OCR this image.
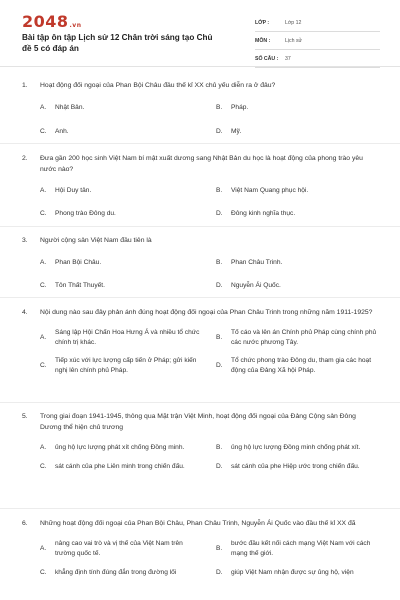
2048.vn
Bài tập ôn tập Lịch sử 12 Chân trời sáng tạo Chủ đề 5 có đáp án
LỚP :	Lớp 12
MÔN :	Lịch sử
SỐ CÂU :	37
1.	Hoạt động đối ngoại của Phan Bội Châu đầu thế kỉ XX chủ yếu diễn ra ở đâu?
A.	Nhật Bản.	B.	Pháp.
C.	Anh.	D.	Mỹ.
2.	Đưa gần 200 học sinh Việt Nam bí mật xuất dương sang Nhật Bản du học là hoạt động của phong trào yêu nước nào?
A.	Hội Duy tân.	B.	Việt Nam Quang phục hội.
C.	Phong trào Đông du.	D.	Đông kinh nghĩa thục.
3.	Người cộng sản Việt Nam đầu tiên là
A.	Phan Bội Châu.	B.	Phan Châu Trinh.
C.	Tôn Thất Thuyết.	D.	Nguyễn Ái Quốc.
4.	Nội dung nào sau đây phản ánh đúng hoạt động đối ngoại của Phan Châu Trinh trong những năm 1911-1925?
A.
Sáng lập Hội Chấn Hoa Hưng Á và nhiều tổ chức chính trị khác.
B.
Tố cáo và lên án Chính phủ Pháp cùng chính phủ các nước phương Tây.
C.
Tiếp xúc với lực lượng cấp tiến ở Pháp; gửi kiến nghị lên chính phủ Pháp.
D.
Tổ chức phong trào Đông du, tham gia các hoạt động của Đảng Xã hội Pháp.
5.	Trong giai đoạn 1941-1945, thông qua Mặt trận Việt Minh, hoạt động đối ngoại của Đảng Cộng sản Đông Dương thể hiện chủ trương
A.	ủng hộ lực lượng phát xít chống Đồng minh.	B.	ủng hộ lực lượng Đồng minh chống phát xít.
C.	sát cánh của phe Liên minh trong chiến đấu.	D.	sát cánh của phe Hiệp ước trong chiến đấu.
6.	Những hoạt động đối ngoại của Phan Bội Châu, Phan Châu Trinh, Nguyễn Ái Quốc vào đầu thế kỉ XX đã
A.
nâng cao vai trò và vị thế của Việt Nam trên trường quốc tế.
B.
bước đầu kết nối cách mạng Việt Nam với cách mạng thế giới.
C.	khẳng định tính đúng đắn trong đường lối	D.	giúp Việt Nam nhận được sự ủng hộ, viện
